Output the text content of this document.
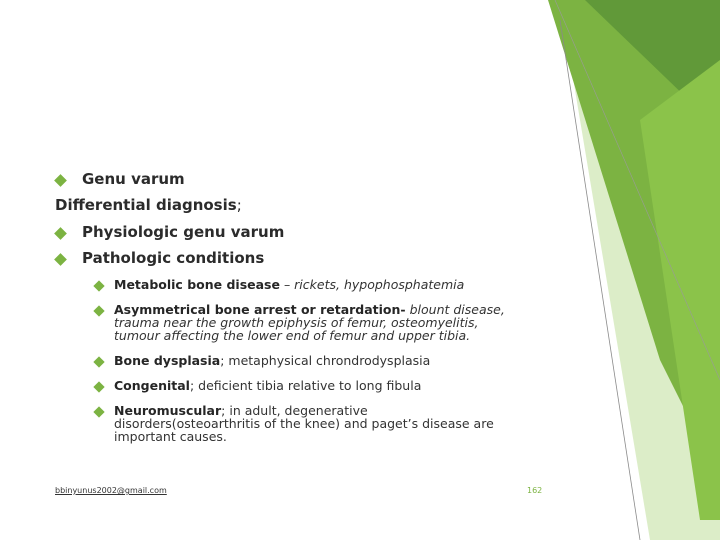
Genu varum
Differential diagnosis;
Physiologic genu varum
Pathologic conditions
Metabolic bone disease – rickets, hypophosphatemia
Asymmetrical bone arrest or retardation- blount disease,
trauma near the growth epiphysis of femur, osteomyelitis,
tumour affecting the lower end of femur and upper tibia.
Bone dysplasia; metaphysical chrondrodysplasia
Congenital; deficient tibia relative to long fibula
Neuromuscular; in adult, degenerative
disorders(osteoarthritis of the knee) and paget’s disease are
important causes.
bbinyunus2002@gmail.com	162
